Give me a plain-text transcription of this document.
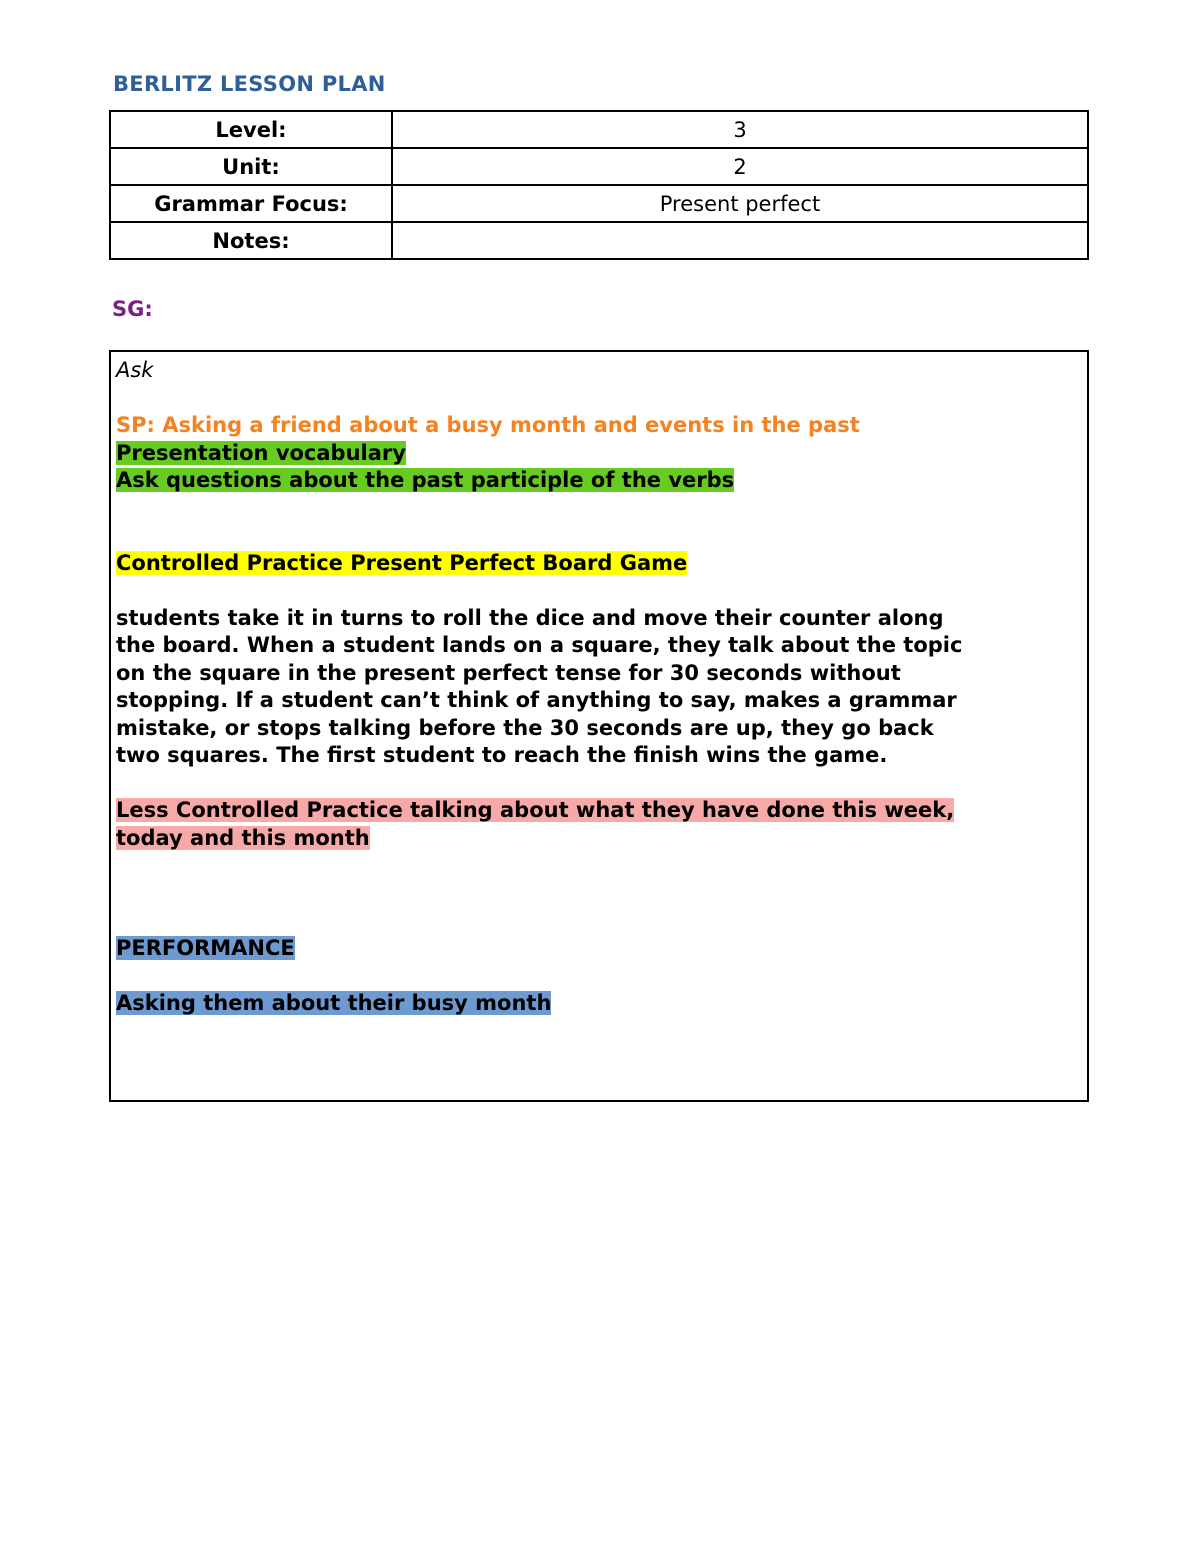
BERLITZ LESSON PLAN
Level:	3
Unit:	2
Grammar Focus:	Present perfect
Notes:	
SG:

Ask

SP: Asking a friend about a busy month and events in the past

Presentation vocabulary

Ask questions about the past participle of the verbs

Controlled Practice Present Perfect Board Game

students take it in turns to roll the dice and move their counter along

the board. When a student lands on a square, they talk about the topic

on the square in the present perfect tense for 30 seconds without

stopping. If a student can’t think of anything to say, makes a grammar

mistake, or stops talking before the 30 seconds are up, they go back

two squares. The first student to reach the finish wins the game.

Less Controlled Practice talking about what they have done this week,

today and this month

PERFORMANCE

Asking them about their busy month
